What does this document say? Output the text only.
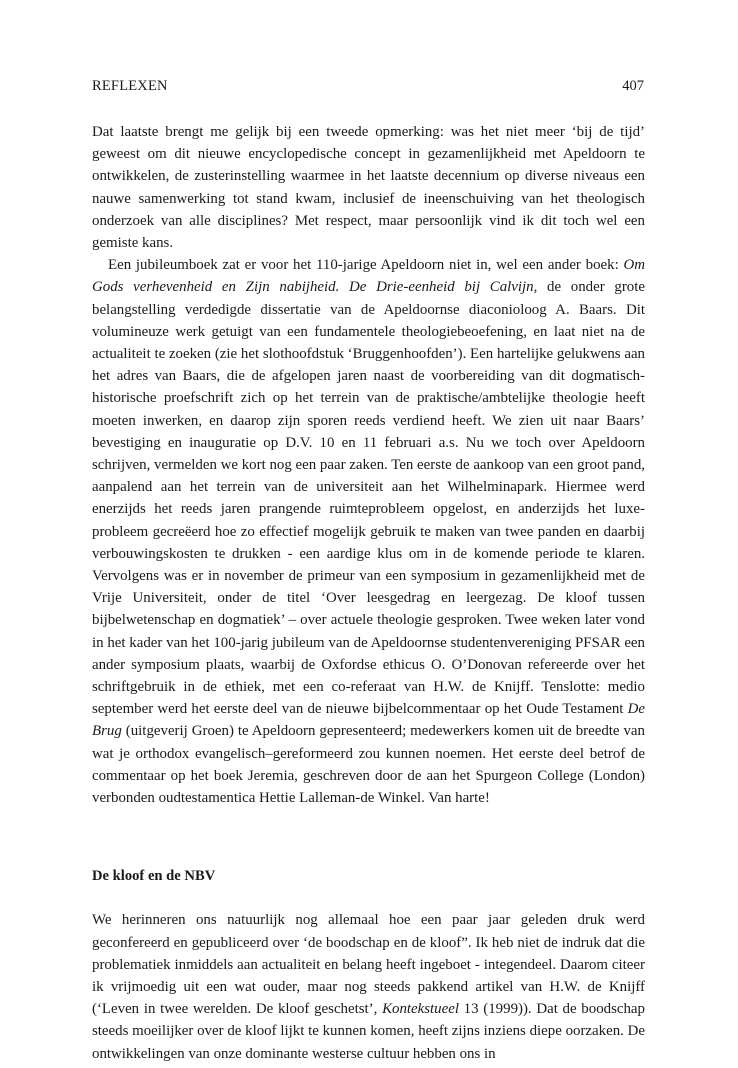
REFLEXEN	407

Dat laatste brengt me gelijk bij een tweede opmerking: was het niet meer ‘bij de tijd’ geweest om dit nieuwe encyclopedische concept in gezamenlijkheid met Apeldoorn te ontwikkelen, de zusterinstelling waarmee in het laatste decennium op diverse niveaus een nauwe samenwerking tot stand kwam, inclusief de ineenschuiving van het theologisch onderzoek van alle disciplines? Met respect, maar persoonlijk vind ik dit toch wel een gemiste kans.

Een jubileumboek zat er voor het 110-jarige Apeldoorn niet in, wel een ander boek: Om Gods verhevenheid en Zijn nabijheid. De Drie-eenheid bij Calvijn, de onder grote belangstelling verdedigde dissertatie van de Apeldoornse diaconioloog A. Baars. Dit volumineuze werk getuigt van een fundamentele theologiebeoefening, en laat niet na de actualiteit te zoeken (zie het slothoofdstuk ‘Bruggenhoofden’). Een hartelijke gelukwens aan het adres van Baars, die de afgelopen jaren naast de voorbereiding van dit dogmatisch-historische proefschrift zich op het terrein van de praktische/ambtelijke theologie heeft moeten inwerken, en daarop zijn sporen reeds verdiend heeft. We zien uit naar Baars’ bevestiging en inauguratie op D.V. 10 en 11 februari a.s. Nu we toch over Apeldoorn schrijven, vermelden we kort nog een paar zaken. Ten eerste de aankoop van een groot pand, aanpalend aan het terrein van de universiteit aan het Wilhelminapark. Hiermee werd enerzijds het reeds jaren prangende ruimteprobleem opgelost, en anderzijds het luxe-probleem gecreëerd hoe zo effectief mogelijk gebruik te maken van twee panden en daarbij verbouwingskosten te drukken - een aardige klus om in de komende periode te klaren. Vervolgens was er in november de primeur van een symposium in gezamenlijkheid met de Vrije Universiteit, onder de titel ‘Over leesgedrag en leergezag. De kloof tussen bijbelwetenschap en dogmatiek’ – over actuele theologie gesproken. Twee weken later vond in het kader van het 100-jarig jubileum van de Apeldoornse studentenvereniging PFSAR een ander symposium plaats, waarbij de Oxfordse ethicus O. O’Donovan refereerde over het schriftgebruik in de ethiek, met een co-referaat van H.W. de Knijff. Tenslotte: medio september werd het eerste deel van de nieuwe bijbelcommentaar op het Oude Testament De Brug (uitgeverij Groen) te Apeldoorn gepresenteerd; medewerkers komen uit de breedte van wat je orthodox evangelisch–gereformeerd zou kunnen noemen. Het eerste deel betrof de commentaar op het boek Jeremia, geschreven door de aan het Spurgeon College (London) verbonden oudtestamentica Hettie Lalleman-de Winkel. Van harte!

De kloof en de NBV

We herinneren ons natuurlijk nog allemaal hoe een paar jaar geleden druk werd geconfereerd en gepubliceerd over ‘de boodschap en de kloof”. Ik heb niet de indruk dat die problematiek inmiddels aan actualiteit en belang heeft ingeboet - integendeel. Daarom citeer ik vrijmoedig uit een wat ouder, maar nog steeds pakkend artikel van H.W. de Knijff (‘Leven in twee werelden. De kloof geschetst’, Kontekstueel 13 (1999)). Dat de boodschap steeds moeilijker over de kloof lijkt te kunnen komen, heeft zijns inziens diepe oorzaken. De ontwikkelingen van onze dominante westerse cultuur hebben ons in
